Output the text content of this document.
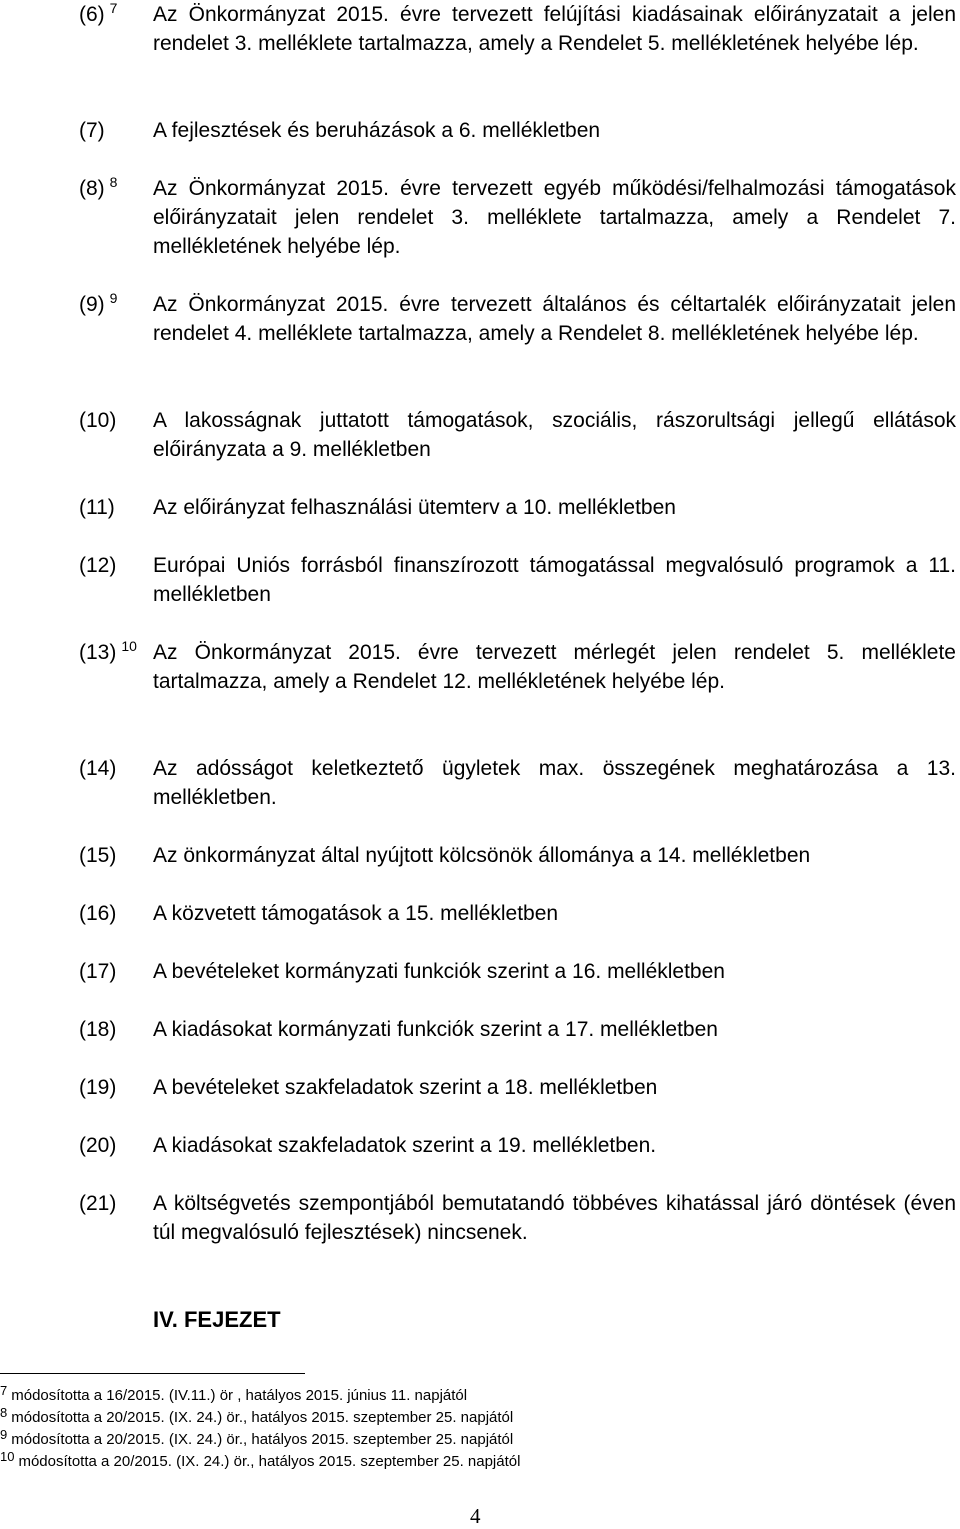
(6) $^7$ Az Önkormányzat 2015. évre tervezett felújítási kiadásainak előirányzatait a jelen rendelet 3. melléklete tartalmazza, amely a Rendelet 5. mellékletének helyébe lép.
(7) A fejlesztések és beruházások a 6. mellékletben
(8) $^8$ Az Önkormányzat 2015. évre tervezett egyéb működési/felhalmozási támogatások előirányzatait jelen rendelet 3. melléklete tartalmazza, amely a Rendelet 7. mellékletének helyébe lép.
(9) $^9$ Az Önkormányzat 2015. évre tervezett általános és céltartalék előirányzatait jelen rendelet 4. melléklete tartalmazza, amely a Rendelet 8. mellékletének helyébe lép.
(10) A lakosságnak juttatott támogatások, szociális, rászorultsági jellegű ellátások előirányzata a 9. mellékletben
(11) Az előirányzat felhasználási ütemterv a 10. mellékletben
(12) Európai Uniós forrásból finanszírozott támogatással megvalósuló programok a 11. mellékletben
(13) $^{10}$ Az Önkormányzat 2015. évre tervezett mérlegét jelen rendelet 5. melléklete tartalmazza, amely a Rendelet 12. mellékletének helyébe lép.
(14) Az adósságot keletkeztető ügyletek max. összegének meghatározása a 13. mellékletben.
(15) Az önkormányzat által nyújtott kölcsönök állománya a 14. mellékletben
(16) A közvetett támogatások a 15. mellékletben
(17) A bevételeket kormányzati funkciók szerint a 16. mellékletben
(18) A kiadásokat kormányzati funkciók szerint a 17. mellékletben
(19) A bevételeket szakfeladatok szerint a 18. mellékletben
(20) A kiadásokat szakfeladatok szerint a 19. mellékletben.
(21) A költségvetés szempontjából bemutatandó többéves kihatással járó döntések (éven túl megvalósuló fejlesztések) nincsenek.
IV. FEJEZET
$^7$ módosította a 16/2015. (IV.11.) ör , hatályos 2015. június 11. napjától
$^8$ módosította a 20/2015. (IX. 24.) ör., hatályos 2015. szeptember 25. napjától
$^9$ módosította a 20/2015. (IX. 24.) ör., hatályos 2015. szeptember 25. napjától
$^{10}$ módosította a 20/2015. (IX. 24.) ör., hatályos 2015. szeptember 25. napjától
4
